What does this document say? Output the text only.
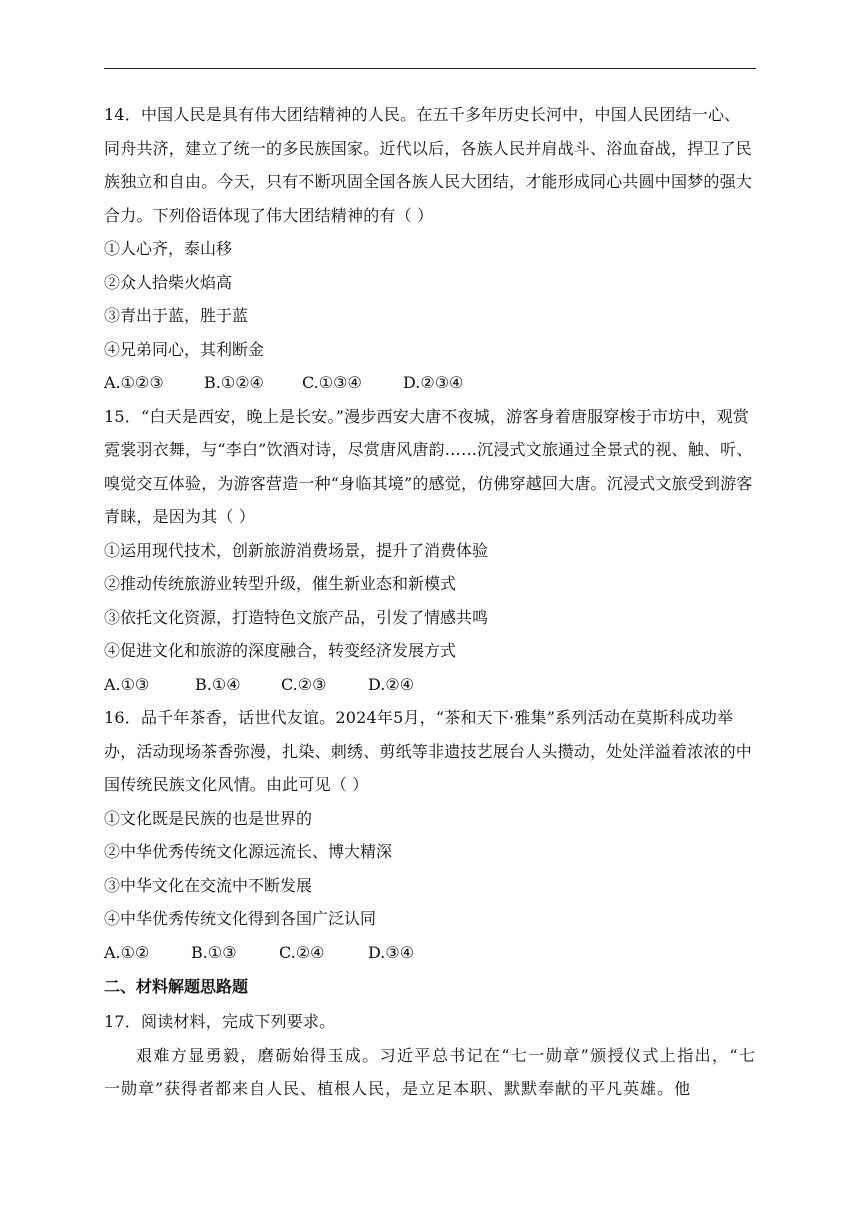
14．中国人民是具有伟大团结精神的人民。在五千多年历史长河中，中国人民团结一心、同舟共济，建立了统一的多民族国家。近代以后，各族人民并肩战斗、浴血奋战，捍卫了民族独立和自由。今天，只有不断巩固全国各族人民大团结，才能形成同心共圆中国梦的强大合力。下列俗语体现了伟大团结精神的有（ ）

①人心齐，泰山移

②众人拾柴火焰高

③青出于蓝，胜于蓝

④兄弟同心，其利断金

A.①②③	B.①②④	C.①③④	D.②③④

15．“白天是西安，晚上是长安。”漫步西安大唐不夜城，游客身着唐服穿梭于市坊中，观赏霓裳羽衣舞，与“李白”饮酒对诗，尽赏唐风唐韵……沉浸式文旅通过全景式的视、触、听、嗅觉交互体验，为游客营造一种“身临其境”的感觉，仿佛穿越回大唐。沉浸式文旅受到游客青睐，是因为其（ ）

①运用现代技术，创新旅游消费场景，提升了消费体验

②推动传统旅游业转型升级，催生新业态和新模式

③依托文化资源，打造特色文旅产品，引发了情感共鸣

④促进文化和旅游的深度融合，转变经济发展方式

A.①③	B.①④	C.②③	D.②④

16．品千年茶香，话世代友谊。2024年5月，“茶和天下·雅集”系列活动在莫斯科成功举办，活动现场茶香弥漫，扎染、刺绣、剪纸等非遗技艺展台人头攒动，处处洋溢着浓浓的中国传统民族文化风情。由此可见（ ）

①文化既是民族的也是世界的

②中华优秀传统文化源远流长、博大精深

③中华文化在交流中不断发展

④中华优秀传统文化得到各国广泛认同

A.①②	B.①③	C.②④	D.③④

二、材料解题思路题

17．阅读材料，完成下列要求。

艰难方显勇毅，磨砺始得玉成。习近平总书记在“七一勋章”颁授仪式上指出，“七一勋章”获得者都来自人民、植根人民，是立足本职、默默奉献的平凡英雄。他
